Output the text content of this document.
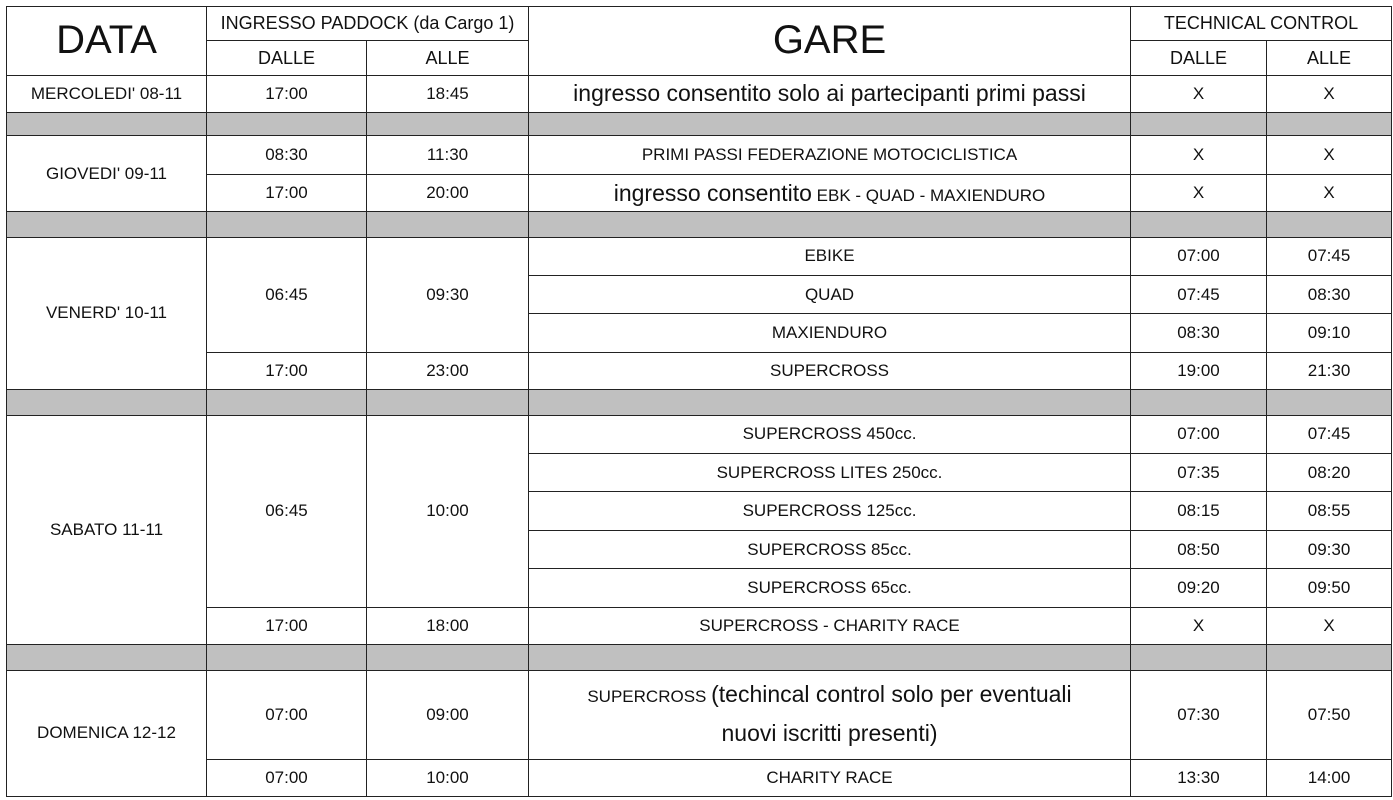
DATA	INGRESSO PADDOCK (da Cargo 1)		GARE	TECHNICAL CONTROL	
	DALLE	ALLE		DALLE	ALLE
MERCOLEDI' 08-11	17:00	18:45	ingresso consentito solo ai partecipanti primi passi	X	X

GIOVEDI' 09-11	08:30	11:30	PRIMI PASSI FEDERAZIONE MOTOCICLISTICA	X	X
	17:00	20:00	ingresso consentito EBK - QUAD - MAXIENDURO	X	X

VENERD' 10-11	06:45	09:30	EBIKE	07:00	07:45
			QUAD	07:45	08:30
			MAXIENDURO	08:30	09:10
	17:00	23:00	SUPERCROSS	19:00	21:30

SABATO 11-11	06:45	10:00	SUPERCROSS 450cc.	07:00	07:45
			SUPERCROSS LITES 250cc.	07:35	08:20
			SUPERCROSS 125cc.	08:15	08:55
			SUPERCROSS 85cc.	08:50	09:30
			SUPERCROSS 65cc.	09:20	09:50
	17:00	18:00	SUPERCROSS - CHARITY RACE	X	X

DOMENICA 12-12	07:00	09:00	SUPERCROSS (techincal control solo per eventuali
nuovi iscritti presenti)	07:30	07:50
	07:00	10:00	CHARITY RACE	13:30	14:00
